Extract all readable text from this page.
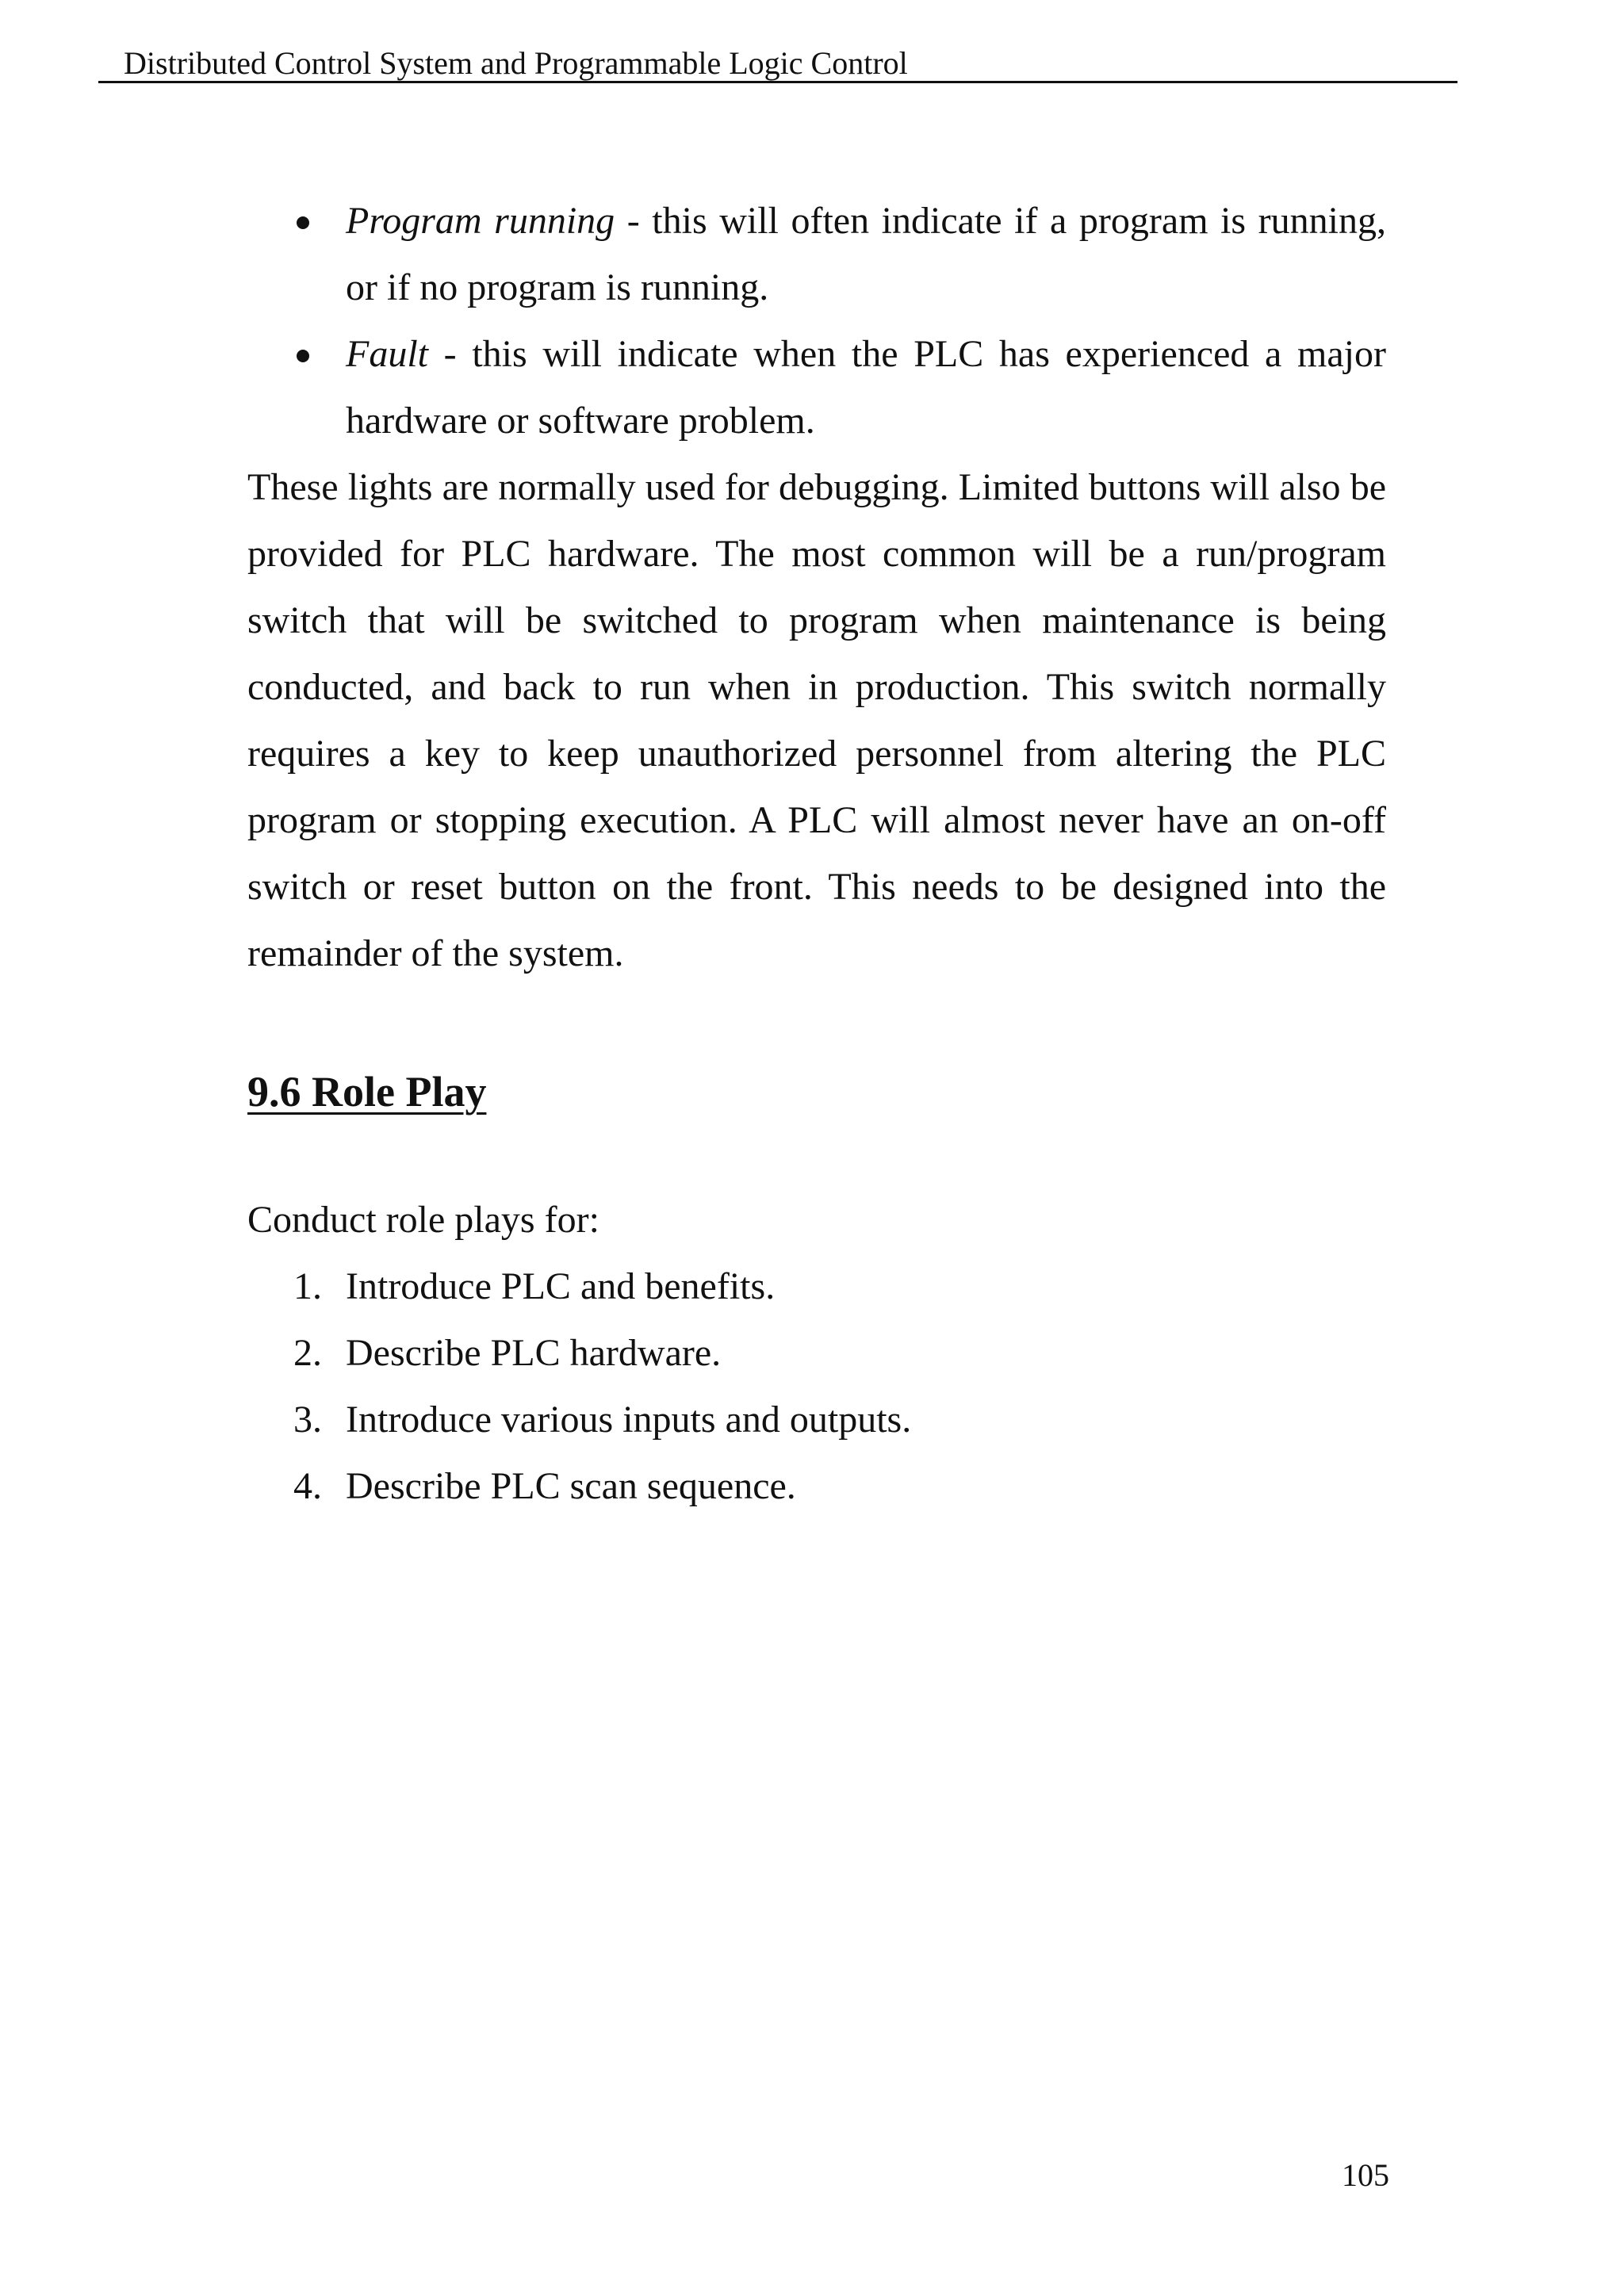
Distributed Control System and Programmable Logic Control
Program running - this will often indicate if a program is running, or if no program is running.
Fault - this will indicate when the PLC has experienced a major hardware or software problem.

These lights are normally used for debugging. Limited buttons will also be provided for PLC hardware. The most common will be a run/program switch that will be switched to program when maintenance is being conducted, and back to run when in production. This switch normally requires a key to keep unauthorized personnel from altering the PLC program or stopping execution. A PLC will almost never have an on-off switch or reset button on the front. This needs to be designed into the remainder of the system.

9.6 Role Play

Conduct role plays for:

1. Introduce PLC and benefits.
2. Describe PLC hardware.
3. Introduce various inputs and outputs.
4. Describe PLC scan sequence.
105
